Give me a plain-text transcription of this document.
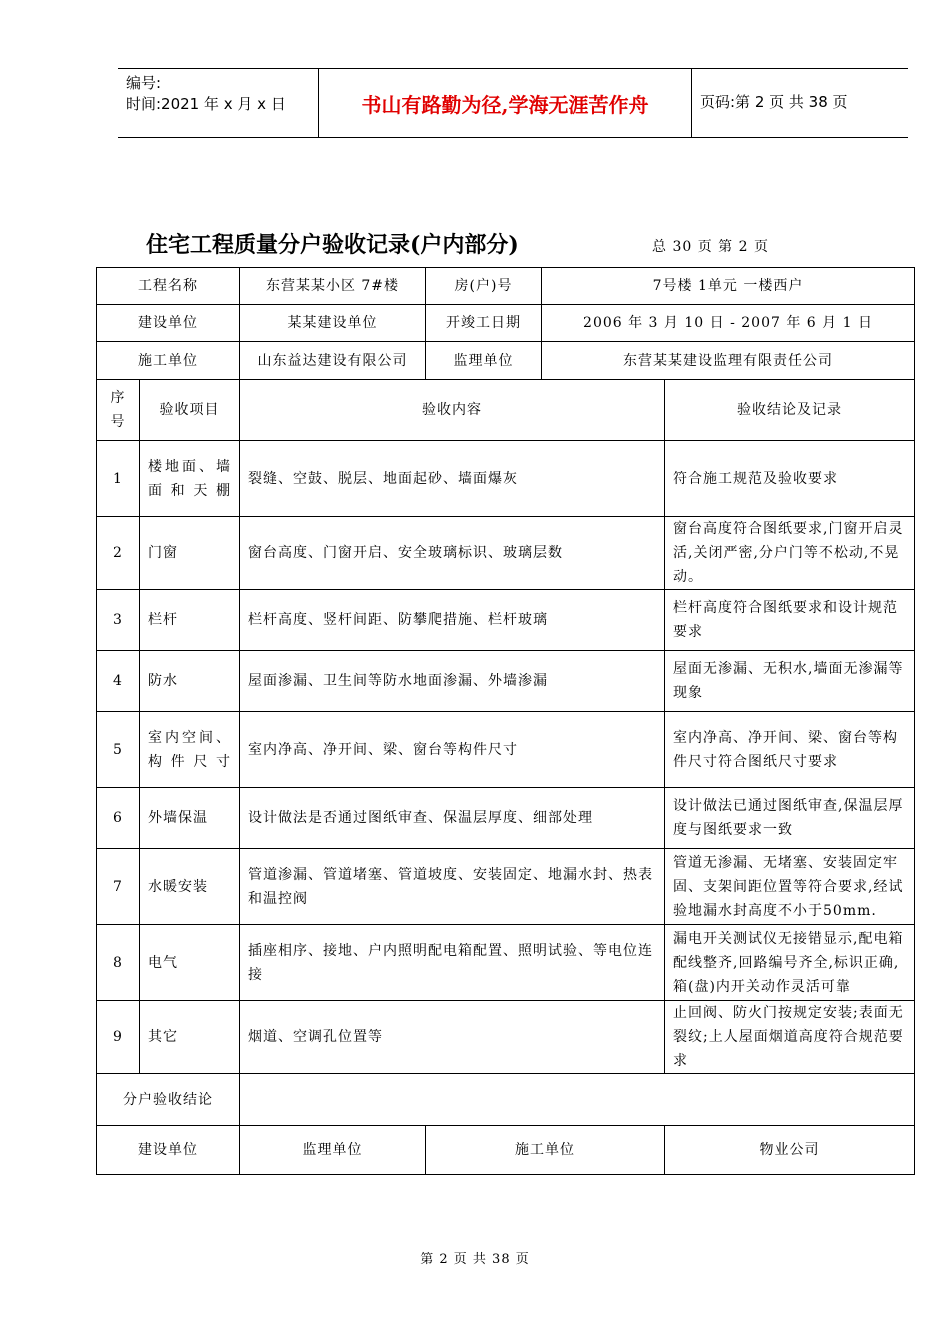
编号:
时间:2021 年 x 月 x 日	书山有路勤为径,学海无涯苦作舟	页码:第 2 页 共 38 页
住宅工程质量分户验收记录(户内部分)	总 30 页 第 2 页
工程名称		东营某某小区 7#楼	房(户)号	7号楼 1单元 一楼西户	
建设单位		某某建设单位	开竣工日期	2006 年 3 月 10 日 - 2007 年 6 月 1 日	
施工单位		山东益达建设有限公司	监理单位	东营某某建设监理有限责任公司	
序号	验收项目	验收内容			验收结论及记录
1	楼地面、墙面和天棚	裂缝、空鼓、脱层、地面起砂、墙面爆灰			符合施工规范及验收要求
2	门窗	窗台高度、门窗开启、安全玻璃标识、玻璃层数			窗台高度符合图纸要求,门窗开启灵活,关闭严密,分户门等不松动,不晃动。
3	栏杆	栏杆高度、竖杆间距、防攀爬措施、栏杆玻璃			栏杆高度符合图纸要求和设计规范要求
4	防水	屋面渗漏、卫生间等防水地面渗漏、外墙渗漏			屋面无渗漏、无积水,墙面无渗漏等现象
5	室内空间、构件尺寸	室内净高、净开间、梁、窗台等构件尺寸			室内净高、净开间、梁、窗台等构件尺寸符合图纸尺寸要求
6	外墙保温	设计做法是否通过图纸审查、保温层厚度、细部处理			设计做法已通过图纸审查,保温层厚度与图纸要求一致
7	水暖安装	管道渗漏、管道堵塞、管道坡度、安装固定、地漏水封、热表和温控阀			管道无渗漏、无堵塞、安装固定牢固、支架间距位置等符合要求,经试验地漏水封高度不小于50mm.
8	电气	插座相序、接地、户内照明配电箱配置、照明试验、等电位连接			漏电开关测试仪无接错显示,配电箱配线整齐,回路编号齐全,标识正确,箱(盘)内开关动作灵活可靠
9	其它	烟道、空调孔位置等			止回阀、防火门按规定安装;表面无裂纹;上人屋面烟道高度符合规范要求
分户验收结论					
建设单位		监理单位	施工单位		物业公司
第 2 页 共 38 页
